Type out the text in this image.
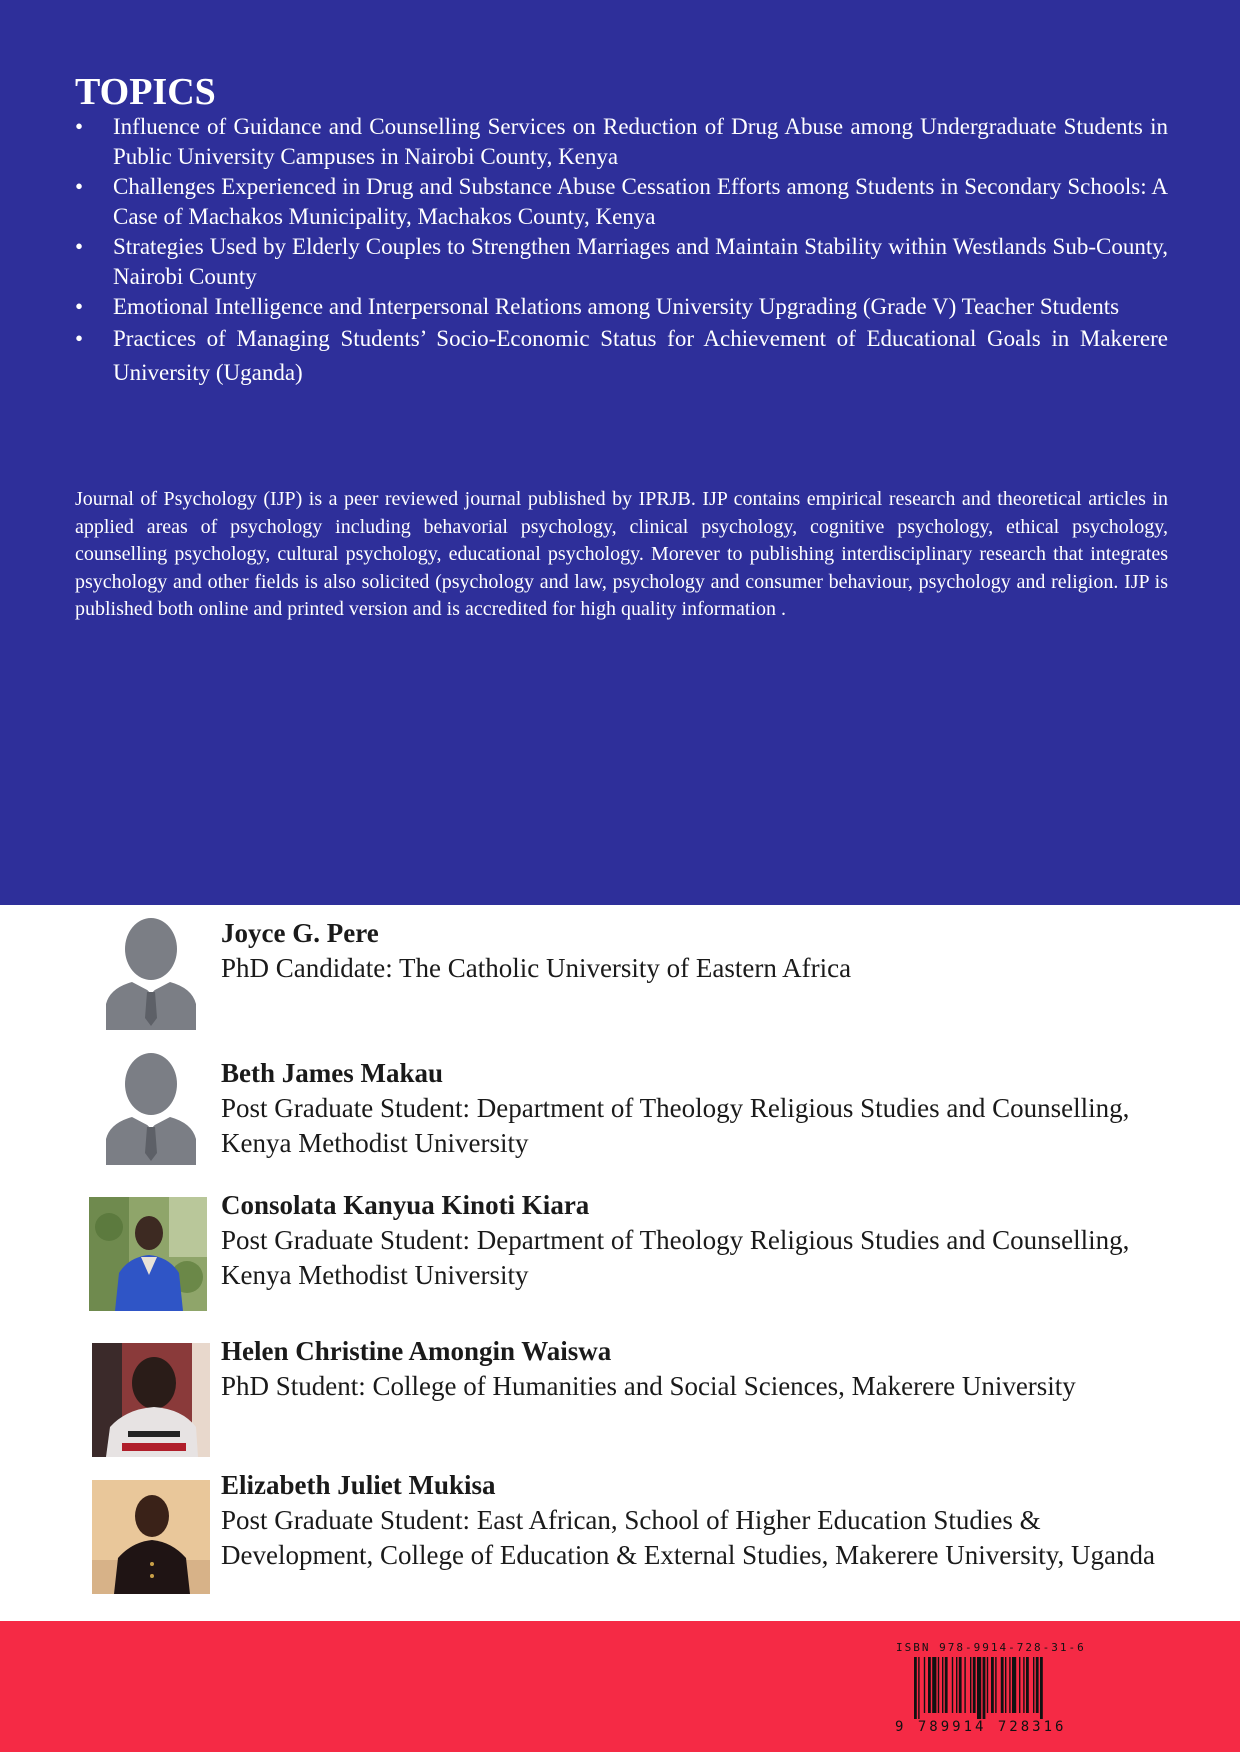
TOPICS
• Influence of Guidance and Counselling Services on Reduction of Drug Abuse among Undergraduate Students in Public University Campuses in Nairobi County, Kenya
• Challenges Experienced in Drug and Substance Abuse Cessation Efforts among Students in Secondary Schools: A Case of Machakos Municipality, Machakos County, Kenya
• Strategies Used by Elderly Couples to Strengthen Marriages and Maintain Stability within Westlands Sub-County, Nairobi County
• Emotional Intelligence and Interpersonal Relations among University Upgrading (Grade V) Teacher Students
• Practices of Managing Students’ Socio-Economic Status for Achievement of Educational Goals in Makerere University (Uganda)

Journal of Psychology (IJP) is a peer reviewed journal published by IPRJB. IJP contains empirical research and theoretical articles in applied areas of psychology including behavorial psychology, clinical psychology, cognitive psychology, ethical psychology, counselling psychology, cultural psychology, educational psychology. Morever to publishing interdisciplinary research that integrates psychology and other fields is also solicited (psychology and law, psychology and consumer behaviour, psychology and religion. IJP is published both online and printed version and is accredited for high quality information .

Joyce G. Pere

PhD Candidate: The Catholic University of Eastern Africa

Beth James Makau

Post Graduate Student: Department of Theology Religious Studies and Counselling, Kenya Methodist University

Consolata Kanyua Kinoti Kiara

Post Graduate Student: Department of Theology Religious Studies and Counselling, Kenya Methodist University

Helen Christine Amongin Waiswa

PhD Student: College of Humanities and Social Sciences, Makerere University

Elizabeth Juliet Mukisa

Post Graduate Student: East African, School of Higher Education Studies & Development, College of Education & External Studies, Makerere University, Uganda

ISBN 978-9914-728-31-6
9 789914 728316
